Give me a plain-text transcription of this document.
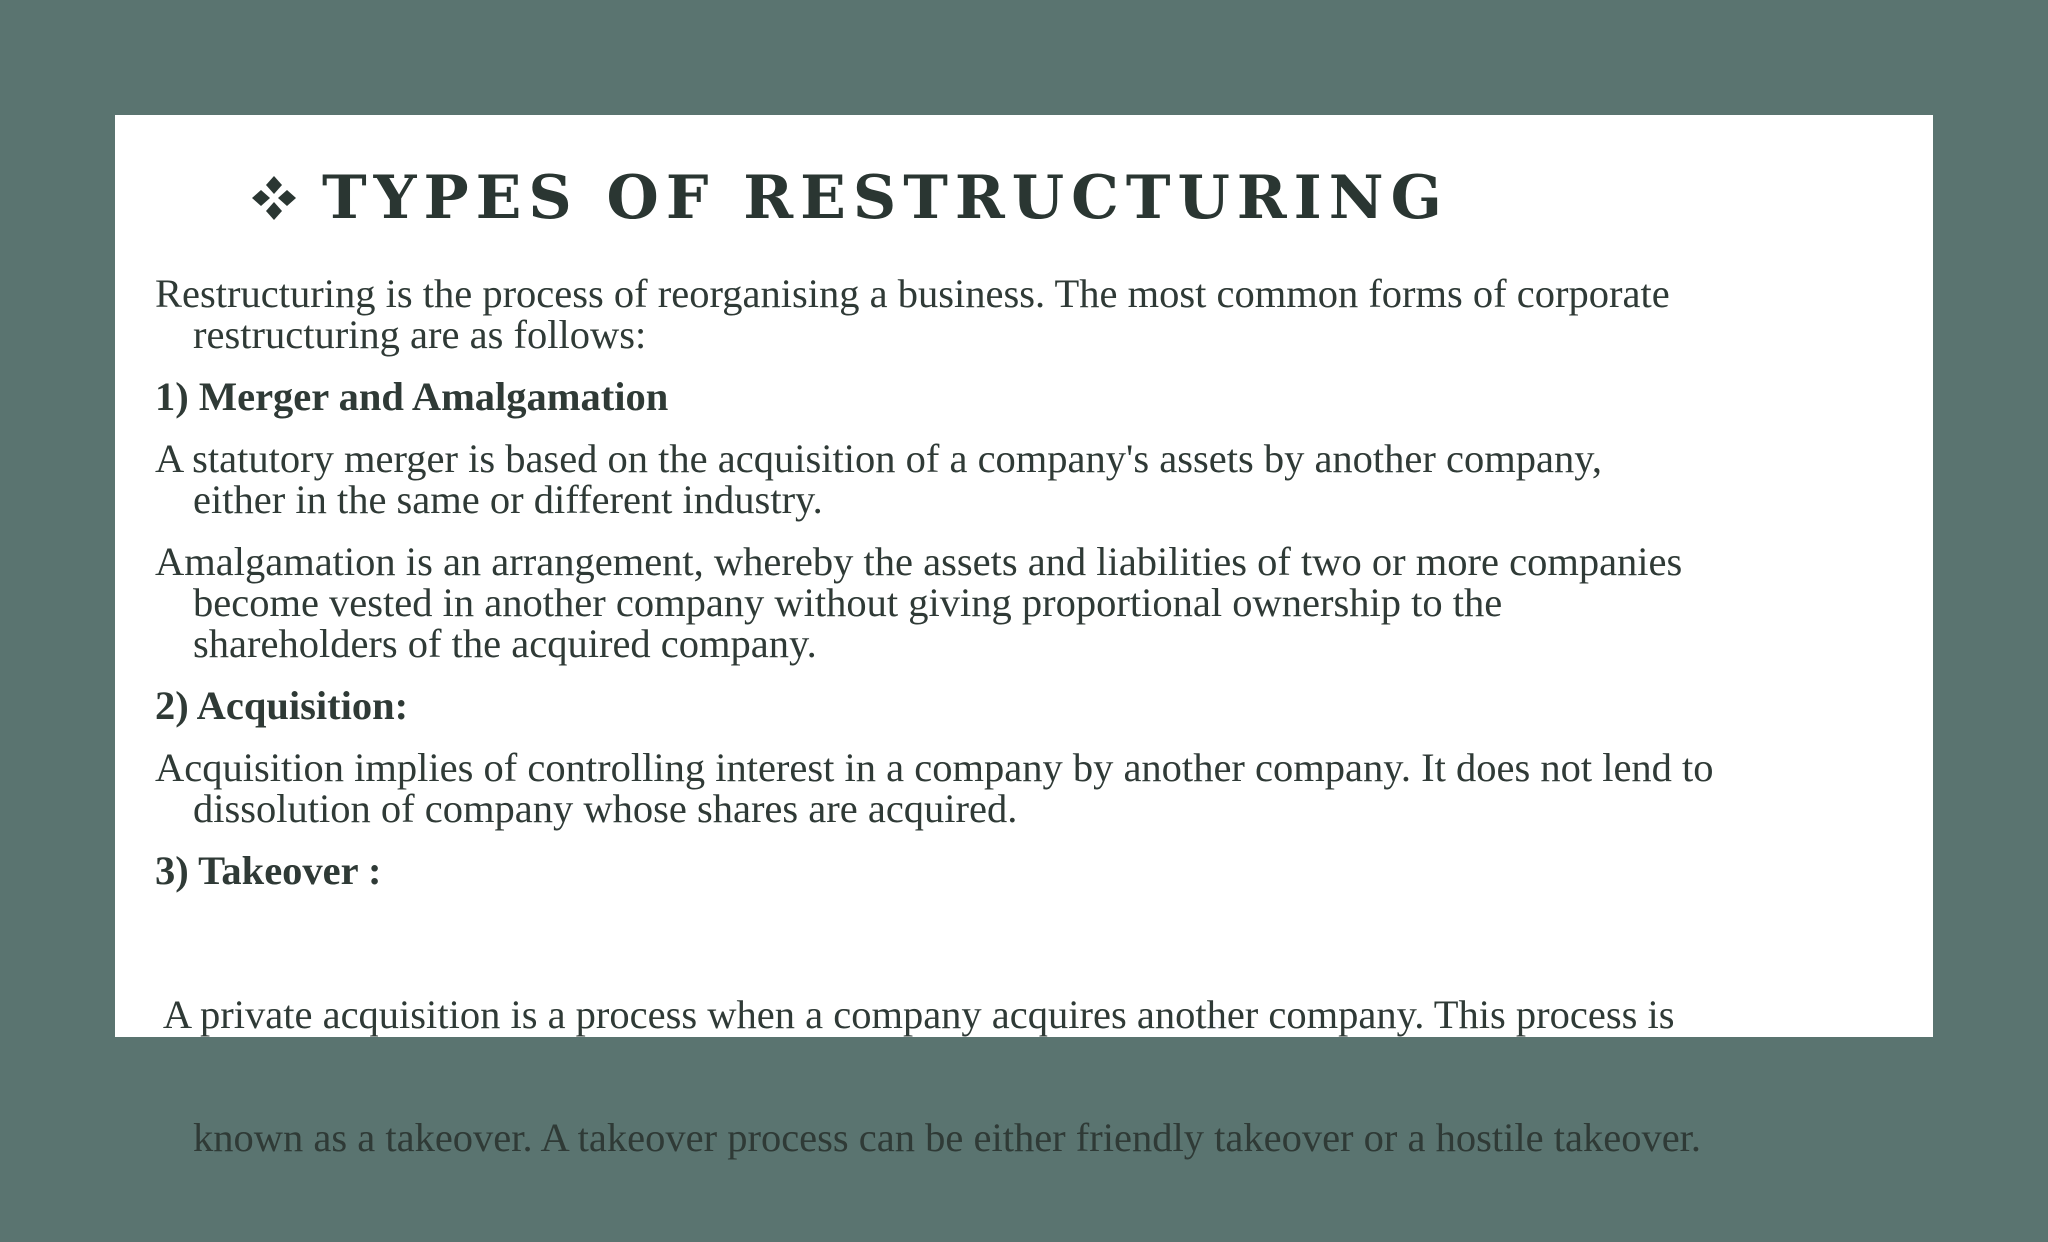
TYPES OF RESTRUCTURING

Restructuring is the process of reorganising a business. The most common forms of corporate
restructuring are as follows:

1) Merger and Amalgamation

A statutory merger is based on the acquisition of a company's assets by another company,
either in the same or different industry.

Amalgamation is an arrangement, whereby the assets and liabilities of two or more companies
become vested in another company without giving proportional ownership to the
shareholders of the acquired company.

2) Acquisition:

Acquisition implies of controlling interest in a company by another company. It does not lend to
dissolution of company whose shares are acquired.

3) Takeover :

A private acquisition is a process when a company acquires another company. This process is

known as a takeover. A takeover process can be either friendly takeover or a hostile takeover.
